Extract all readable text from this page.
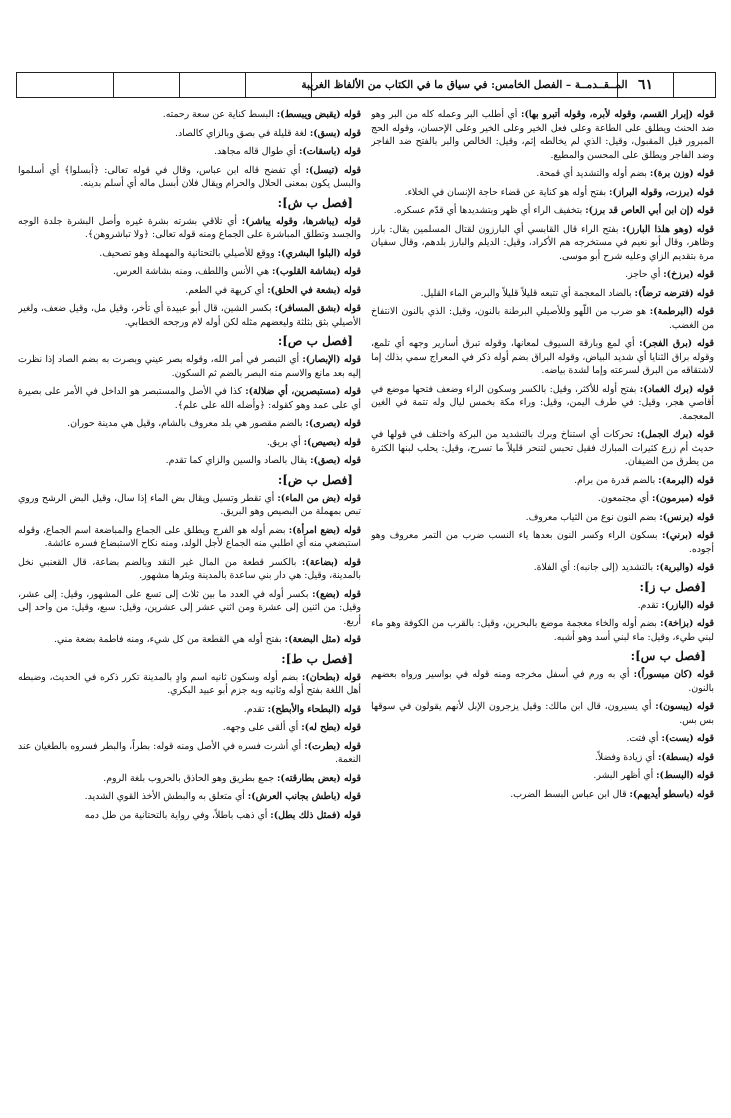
٦١
المــقــدمــة – الفصل الخامس: في سياق ما في الكتاب من الألفاظ الغريبة
قوله (إبرار القسم، وقوله لأبره، وقوله أتبرو بها): أي أطلب البر وعمله كله من البر وهو ضد الحنث ويطلق على الطاعة وعلى فعل الخير وعلى الخير وعلى الإحسان، وقوله الحج المبرور قيل المقبول، وقيل: الذي لم يخالطه إثم، وقيل: الخالص والبر بالفتح ضد الفاجر وضد الفاجر ويطلق على المحسن والمطيع.
قوله (وزن برة): بضم أوله والتشديد أي قمحة.
قوله (برزت، وقوله البراز): بفتح أوله هو كناية عن قضاء حاجة الإنسان في الخلاء.
قوله (إن ابن أبي العاص قد برز): بتخفيف الراء أي ظهر وبتشديدها أي قدّم عسكره.
قوله (وهو هلذا البارز): بفتح الراء قال القابسي أي البارزون لقتال المسلمين يقال: بارز وظاهر، وقال أبو نعيم في مستخرجه هم الأكراد، وقيل: الديلم والبارز بلدهم، وقال سفيان مرة بتقديم الزاي وعليه شرح أبو موسى.
قوله (برزخ): أي حاجز.
قوله (فترضه ترضاً): بالضاد المعجمة أي تتبعه قليلاً قليلاً والبرض الماء القليل.
قوله (البرطمة): هو ضرب من اللّهو وللأصيلي البرطنة بالنون، وقيل: الذي بالنون الانتفاخ من الغضب.
قوله (برق الفجر): أي لمع وبارقة السيوف لمعانها، وقوله تبرق أسارير وجهه أي تلمع، وقوله براق الثنايا أي شديد البياض، وقوله البراق بضم أوله ذكر في المعراج سمي بذلك إما لاشتقاقه من البرق لسرعته وإما لشدة بياضه.
قوله (برك الغماد): بفتح أوله للأكثر، وقيل: بالكسر وسكون الراء وضعف فتحها موضع في أقاصي هجر، وقيل: في طرف اليمن، وقيل: وراء مكة بخمس ليال وله تتمة في الغين المعجمة.
قوله (برك الجمل): تحركات أي استناخ وبرك بالتشديد من البركة واختلف في قولها في حديث أم زرع كثيرات المبارك فقيل تحبس لتنحر قليلاً ما تسرح، وقيل: يحلب لبنها الكثرة من يطرق من الضيفان.
قوله (البرمة): بالضم قدرة من برام.
قوله (مبرمون): أي مجتمعون.
قوله (برنس): بضم النون نوع من الثياب معروف.
قوله (برني): بسكون الراء وكسر النون بعدها ياء النسب ضرب من التمر معروف وهو أجوده.
قوله (والبرية): بالتشديد (إلى جانبه): أي الفلاة.
[فصل ب ز]:
قوله (البازر): تقدم.
قوله (بزاخة): بضم أوله والخاء معجمة موضع بالبحرين، وقيل: بالقرب من الكوفة وهو ماء لبني طيء، وقيل: ماء لبني أسد وهو أشبه.
[فصل ب س]:
قوله (كان مبسوراً): أي به ورم في أسفل مخرجه ومنه قوله في بواسير ورواه بعضهم بالنون.
قوله (يبسون): أي يسيرون، قال ابن مالك: وقيل يزجرون الإبل لأنهم يقولون في سوقها بس بس.
قوله (بست): أي فتت.
قوله (بسطة): أي زيادة وفضلاً.
قوله (البسط): أي أظهر البشر.
قوله (باسطو أيديهم): قال ابن عباس البسط الضرب.
قوله (يقبض ويبسط): البسط كناية عن سعة رحمته.
قوله (بسق): لغة قليلة في بصق وبالزاي كالصاد.
قوله (باسقات): أي طوال قاله مجاهد.
قوله (تبسل): أي تفضح قاله ابن عباس، وقال في قوله تعالى: ﴿أبسلوا﴾ أي أسلموا والبسل يكون بمعنى الحلال والحرام ويقال فلان أبسل ماله أي أسلم بدينه.
[فصل ب ش]:
قوله (يباشرها، وقوله يباشر): أي تلاقي بشرته بشرة غيره وأصل البشرة جلدة الوجه والجسد وتطلق المباشرة على الجماع ومنه قوله تعالى: ﴿ولا تباشروهن﴾.
قوله (البلوا البشري): ووقع للأصيلي بالتحتانية والمهملة وهو تصحيف.
قوله (بشاشة القلوب): هي الأنس واللطف، ومنه بشاشة العرس.
قوله (بشعة في الحلق): أي كريهة في الطعم.
قوله (بشق المسافر): بكسر الشين، قال أبو عبيدة أي تأخر، وقيل مل، وقيل ضعف، ولغير الأصيلي بثق بثلثة وليعضهم مثله لكن أوله لام ورجحه الخطابي.
[فصل ب ص]:
قوله (الإبصار): أي التبصر في أمر الله، وقوله بصر عيني وبصرت به بضم الصاد إذا نظرت إليه بعد مانع والاسم منه البصر بالضم ثم السكون.
قوله (مستبصرين، أي ضلالة): كذا في الأصل والمستبصر هو الداخل في الأمر على بصيرة أي على عمد وهو كقوله: ﴿وأضله الله على علم﴾.
قوله (بصرى): بالضم مقصور هي بلد معروف بالشام، وقيل هي مدينة حوران.
قوله (بصيص): أي بريق.
قوله (بصق): يقال بالصاد والسين والزاي كما تقدم.
[فصل ب ض]:
قوله (بض من الماء): أي تقطر وتسيل ويقال بض الماء إذا سال، وقيل البض الرشح وروي تبص بمهملة من البصيص وهو البريق.
قوله (بضع امرأة): بضم أوله هو الفرج ويطلق على الجماع والمباضعة اسم الجماع، وقوله استبضعي منه أي اطلبي منه الجماع لأجل الولد، ومنه نكاح الاستبضاع فسره عائشة.
قوله (بضاعة): بالكسر قطعة من المال غير النقد وبالضم بضاعة، قال القعنبي نخل بالمدينة، وقيل: هي دار بني ساعدة بالمدينة وبئرها مشهور.
قوله (بضع): بكسر أوله في العدد ما بين ثلاث إلى تسع على المشهور، وقيل: إلى عشر، وقيل: من اثنين إلى عشرة ومن اثني عشر إلى عشرين، وقيل: سبع، وقيل: من واحد إلى أربع.
قوله (مثل البضعة): بفتح أوله هي القطعة من كل شيء، ومنه فاطمة بضعة مني.
[فصل ب ط]:
قوله (بطحان): بضم أوله وسكون ثانيه اسم وادٍ بالمدينة تكرر ذكره في الحديث، وضبطه أهل اللغة بفتح أوله وثانيه وبه جزم أبو عبيد البكري.
قوله (البطحاء والأبطح): تقدم.
قوله (بطح له): أي ألقى على وجهه.
قوله (بطرت): أي أشرت فسره في الأصل ومنه قوله: بطراً، والبطر فسروه بالطغيان عند النعمة.
قوله (بعض بطارقته): جمع بطريق وهو الحاذق بالحروب بلغة الروم.
قوله (باطش بجانب العرش): أي متعلق به والبطش الأخذ القوي الشديد.
قوله (فمثل ذلك بطل): أي ذهب باطلاً، وفي رواية بالتحتانية من طل دمه
